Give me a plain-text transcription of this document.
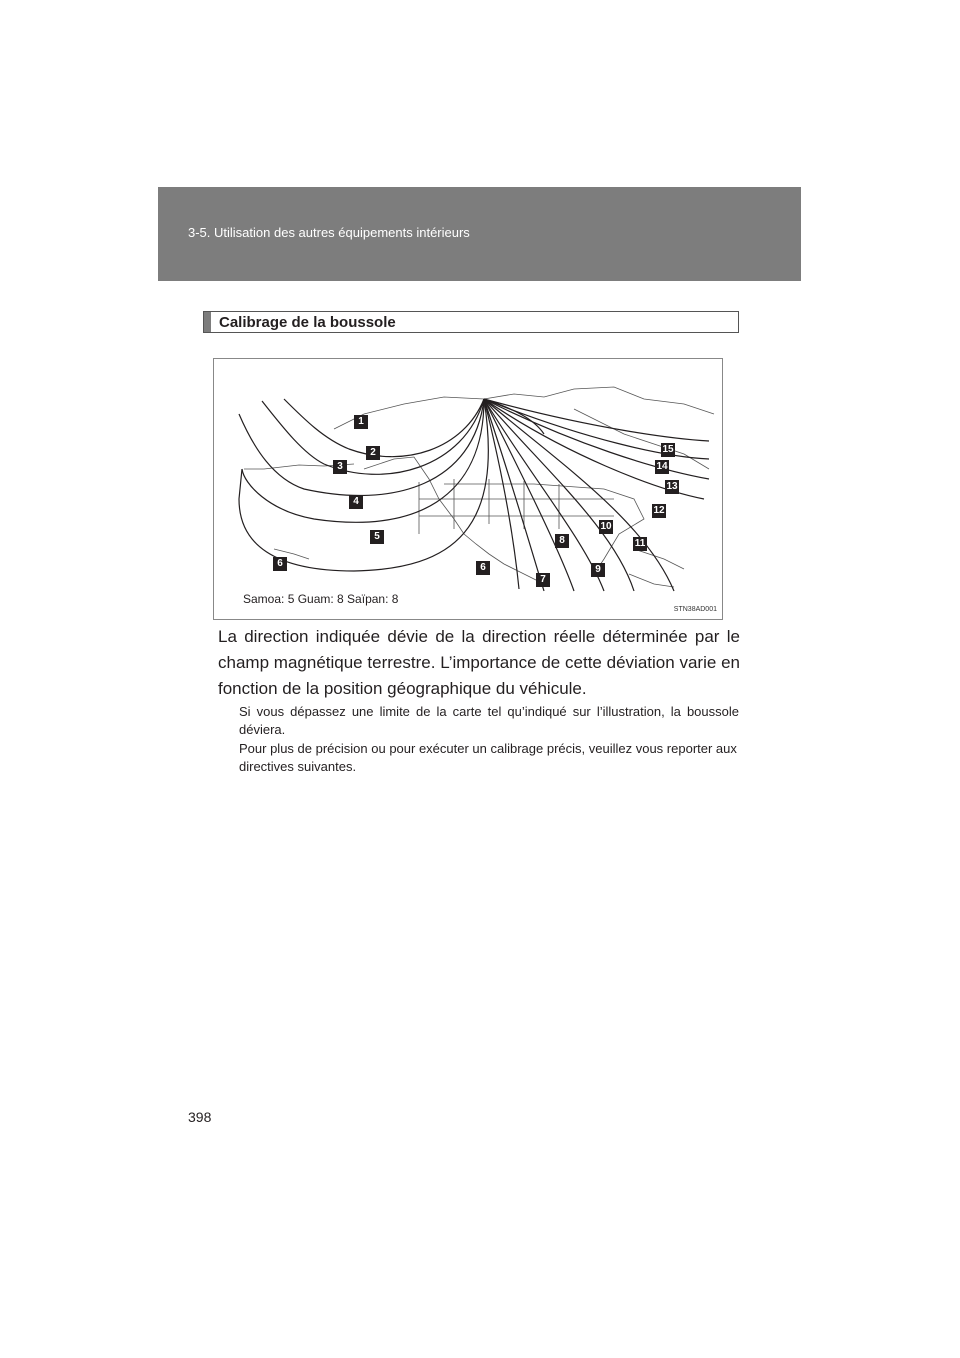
3-5. Utilisation des autres équipements intérieurs
Calibrage de la boussole
1
2
3
4
5
6	6
7
8
9
10
11
12
13
14
15
Samoa: 5 Guam: 8 Saïpan: 8
STN38AD001

La direction indiquée dévie de la direction réelle déterminée par le champ magnétique terrestre. L’importance de cette déviation varie en fonction de la position géographique du véhicule.

Si vous dépassez une limite de la carte tel qu’indiqué sur l’illustration, la boussole déviera.

Pour plus de précision ou pour exécuter un calibrage précis, veuillez vous reporter aux directives suivantes.

398
